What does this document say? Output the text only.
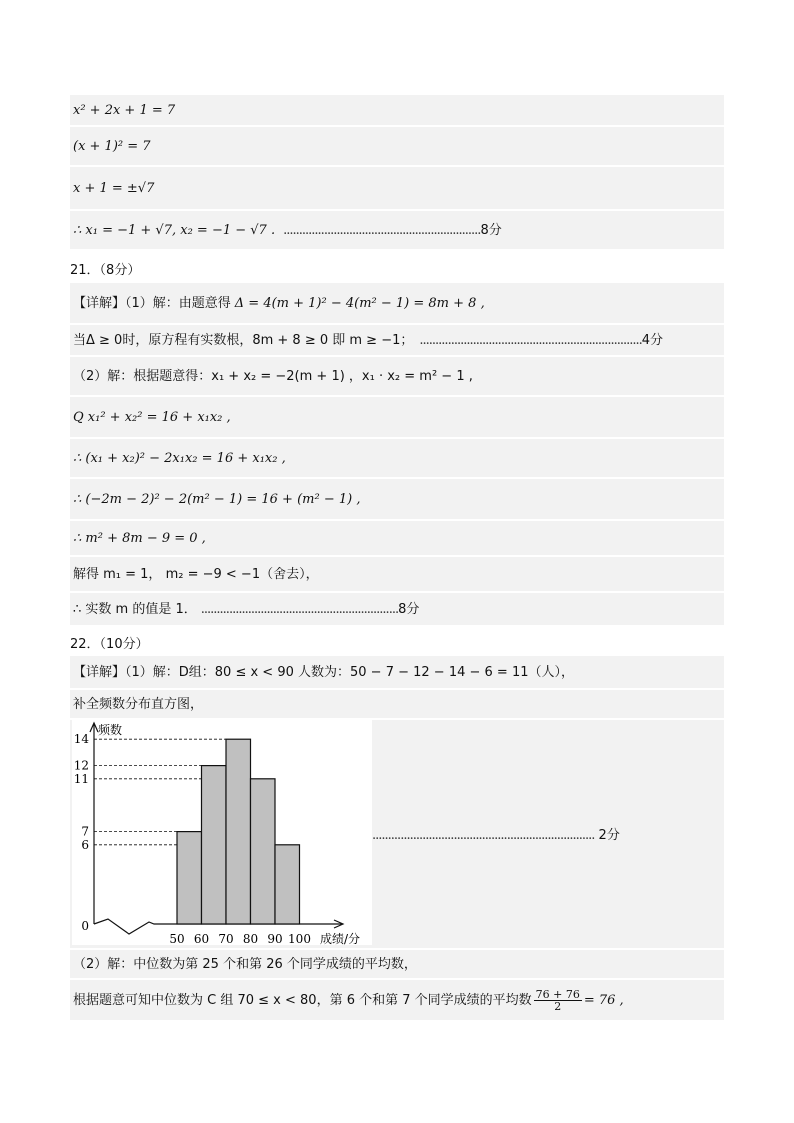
x² + 2x + 1 = 7
(x + 1)² = 7
x + 1 = ±√7
∴ x₁ = −1 + √7, x₂ = −1 − √7 . ............................................................... 8分
21．（8分）
【详解】（1）解：由题意得 Δ = 4(m + 1)² − 4(m² − 1) = 8m + 8 ,
当Δ ≥ 0时，原方程有实数根，8m + 8 ≥ 0 即 m ≥ −1； ....................................................................... 4分
（2）解：根据题意得：x₁ + x₂ = −2(m + 1) ，x₁ · x₂ = m² − 1 ,
Q x₁² + x₂² = 16 + x₁x₂ ,
∴ (x₁ + x₂)² − 2x₁x₂ = 16 + x₁x₂ ,
∴ (−2m − 2)² − 2(m² − 1) = 16 + (m² − 1) ,
∴ m² + 8m − 9 = 0 ,
解得 m₁ = 1， m₂ = −9 < −1（舍去），
∴ 实数 m 的值是 1． ............................................................... 8分
22．（10分）
【详解】（1）解：D组：80 ≤ x < 90 人数为：50 − 7 − 12 − 14 − 6 = 11（人），
补全频数分布直方图，
0
6
7
11
12
14
50 60 70 80 90 100
频数
成绩/分
....................................................................... 2分
（2）解：中位数为第 25 个和第 26 个同学成绩的平均数，
根据题意可知中位数为 C 组 70 ≤ x < 80，第 6 个和第 7 个同学成绩的平均数 $\frac{76 + 76}{2} = 76$ ,
